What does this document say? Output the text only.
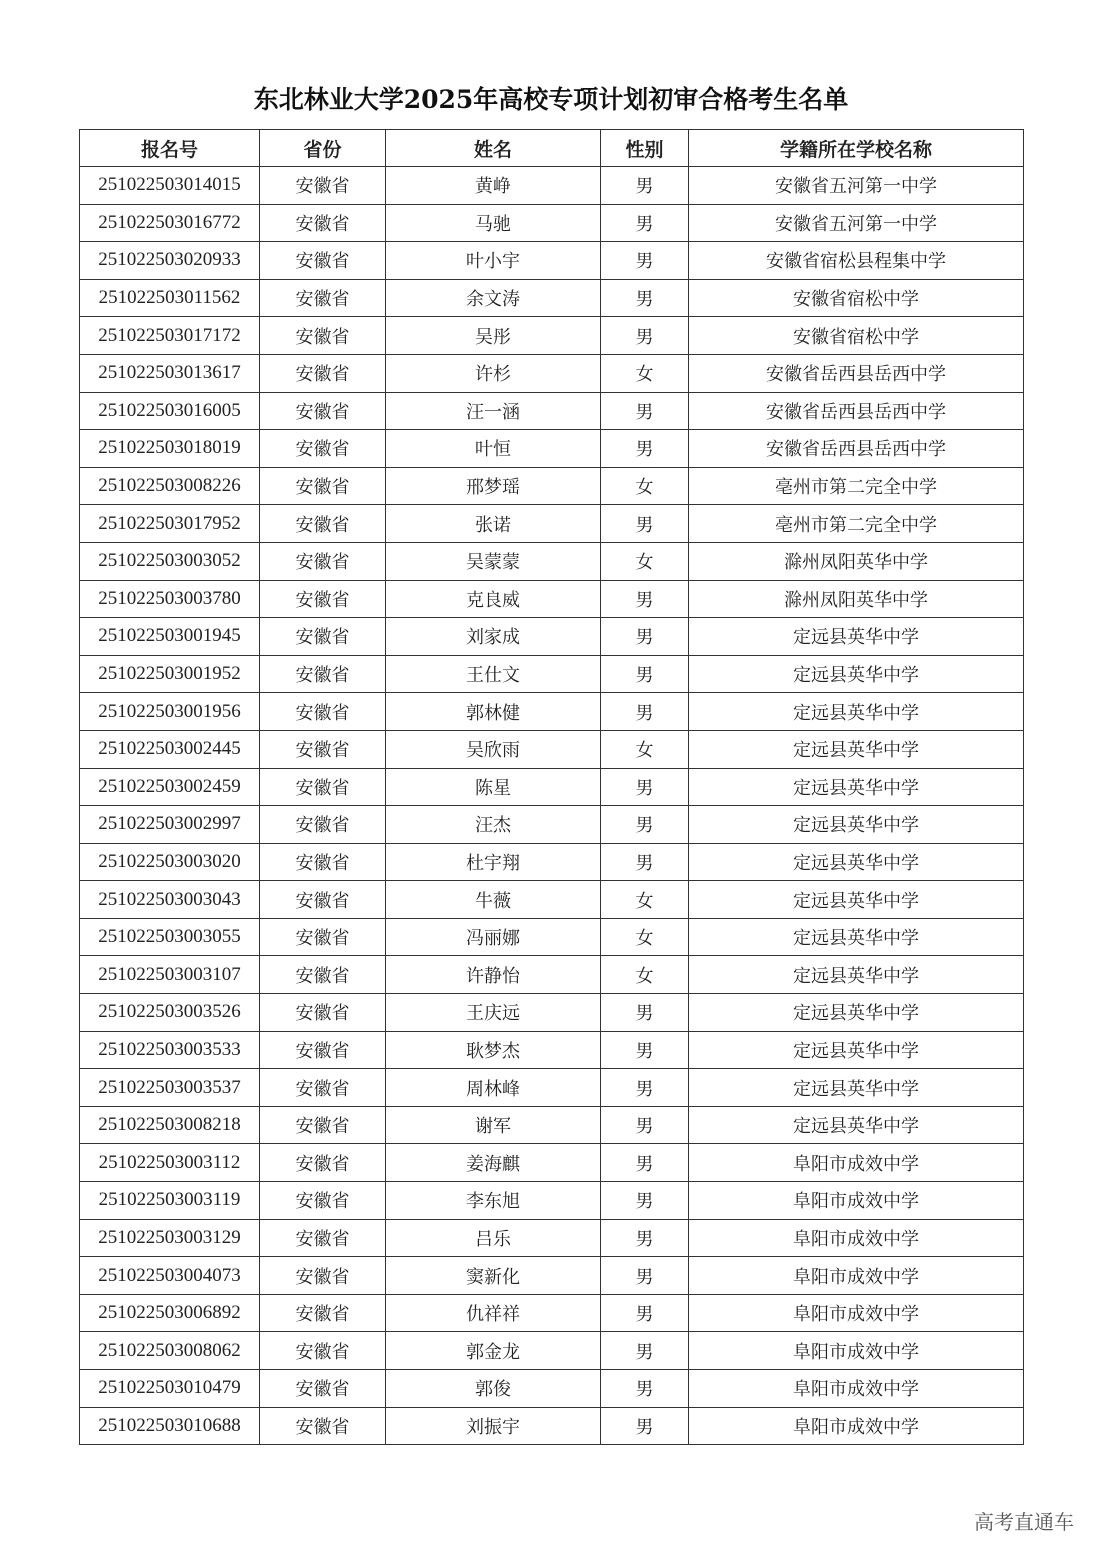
东北林业大学2025年高校专项计划初审合格考生名单
报名号	省份	姓名	性别	学籍所在学校名称
251022503014015	安徽省	黄峥	男	安徽省五河第一中学
251022503016772	安徽省	马驰	男	安徽省五河第一中学
251022503020933	安徽省	叶小宇	男	安徽省宿松县程集中学
251022503011562	安徽省	余文涛	男	安徽省宿松中学
251022503017172	安徽省	吴彤	男	安徽省宿松中学
251022503013617	安徽省	许杉	女	安徽省岳西县岳西中学
251022503016005	安徽省	汪一涵	男	安徽省岳西县岳西中学
251022503018019	安徽省	叶恒	男	安徽省岳西县岳西中学
251022503008226	安徽省	邢梦瑶	女	亳州市第二完全中学
251022503017952	安徽省	张诺	男	亳州市第二完全中学
251022503003052	安徽省	吴蒙蒙	女	滁州凤阳英华中学
251022503003780	安徽省	克良威	男	滁州凤阳英华中学
251022503001945	安徽省	刘家成	男	定远县英华中学
251022503001952	安徽省	王仕文	男	定远县英华中学
251022503001956	安徽省	郭林健	男	定远县英华中学
251022503002445	安徽省	吴欣雨	女	定远县英华中学
251022503002459	安徽省	陈星	男	定远县英华中学
251022503002997	安徽省	汪杰	男	定远县英华中学
251022503003020	安徽省	杜宇翔	男	定远县英华中学
251022503003043	安徽省	牛薇	女	定远县英华中学
251022503003055	安徽省	冯丽娜	女	定远县英华中学
251022503003107	安徽省	许静怡	女	定远县英华中学
251022503003526	安徽省	王庆远	男	定远县英华中学
251022503003533	安徽省	耿梦杰	男	定远县英华中学
251022503003537	安徽省	周林峰	男	定远县英华中学
251022503008218	安徽省	谢军	男	定远县英华中学
251022503003112	安徽省	姜海麒	男	阜阳市成效中学
251022503003119	安徽省	李东旭	男	阜阳市成效中学
251022503003129	安徽省	吕乐	男	阜阳市成效中学
251022503004073	安徽省	窦新化	男	阜阳市成效中学
251022503006892	安徽省	仇祥祥	男	阜阳市成效中学
251022503008062	安徽省	郭金龙	男	阜阳市成效中学
251022503010479	安徽省	郭俊	男	阜阳市成效中学
251022503010688	安徽省	刘振宇	男	阜阳市成效中学
高考直通车
